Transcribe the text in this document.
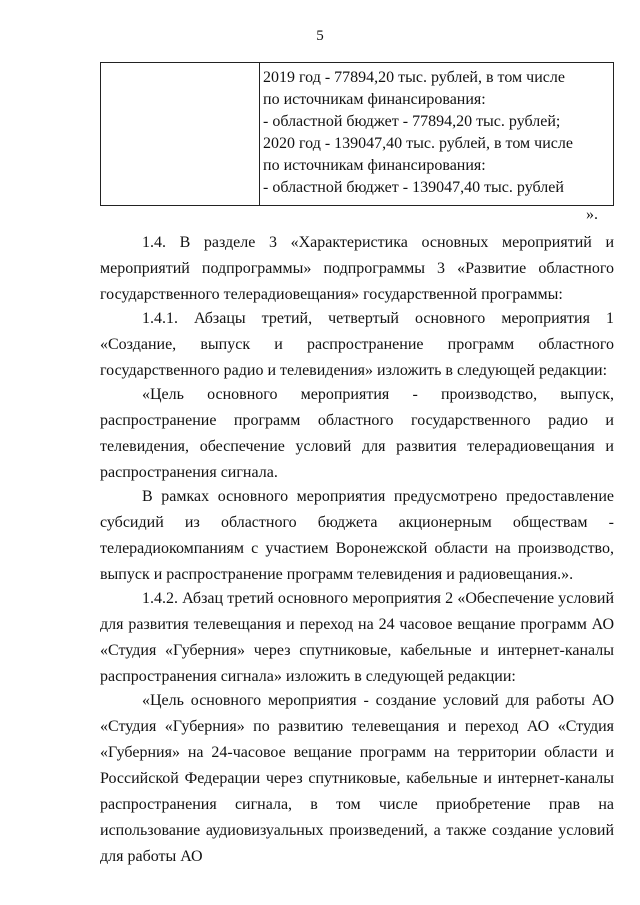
5
2019 год - 77894,20 тыс. рублей, в том числе
по источникам финансирования:
- областной бюджет - 77894,20 тыс. рублей;
2020 год - 139047,40 тыс. рублей, в том числе
по источникам финансирования:
- областной бюджет - 139047,40 тыс. рублей
».
1.4. В разделе 3 «Характеристика основных мероприятий и мероприятий подпрограммы» подпрограммы 3 «Развитие областного государственного телерадиовещания» государственной программы:
1.4.1. Абзацы третий, четвертый основного мероприятия 1 «Создание, выпуск и распространение программ областного государственного радио и телевидения» изложить в следующей редакции:
«Цель основного мероприятия - производство, выпуск, распространение программ областного государственного радио и телевидения, обеспечение условий для развития телерадиовещания и распространения сигнала.
В рамках основного мероприятия предусмотрено предоставление субсидий из областного бюджета акционерным обществам - телерадиокомпаниям с участием Воронежской области на производство, выпуск и распространение программ телевидения и радиовещания.».
1.4.2. Абзац третий основного мероприятия 2 «Обеспечение условий для развития телевещания и переход на 24 часовое вещание программ АО «Студия «Губерния» через спутниковые, кабельные и интернет-каналы распространения сигнала» изложить в следующей редакции:
«Цель основного мероприятия - создание условий для работы АО «Студия «Губерния» по развитию телевещания и переход АО «Студия «Губерния» на 24-часовое вещание программ на территории области и Российской Федерации через спутниковые, кабельные и интернет-каналы распространения сигнала, в том числе приобретение прав на использование аудиовизуальных произведений, а также создание условий для работы АО
